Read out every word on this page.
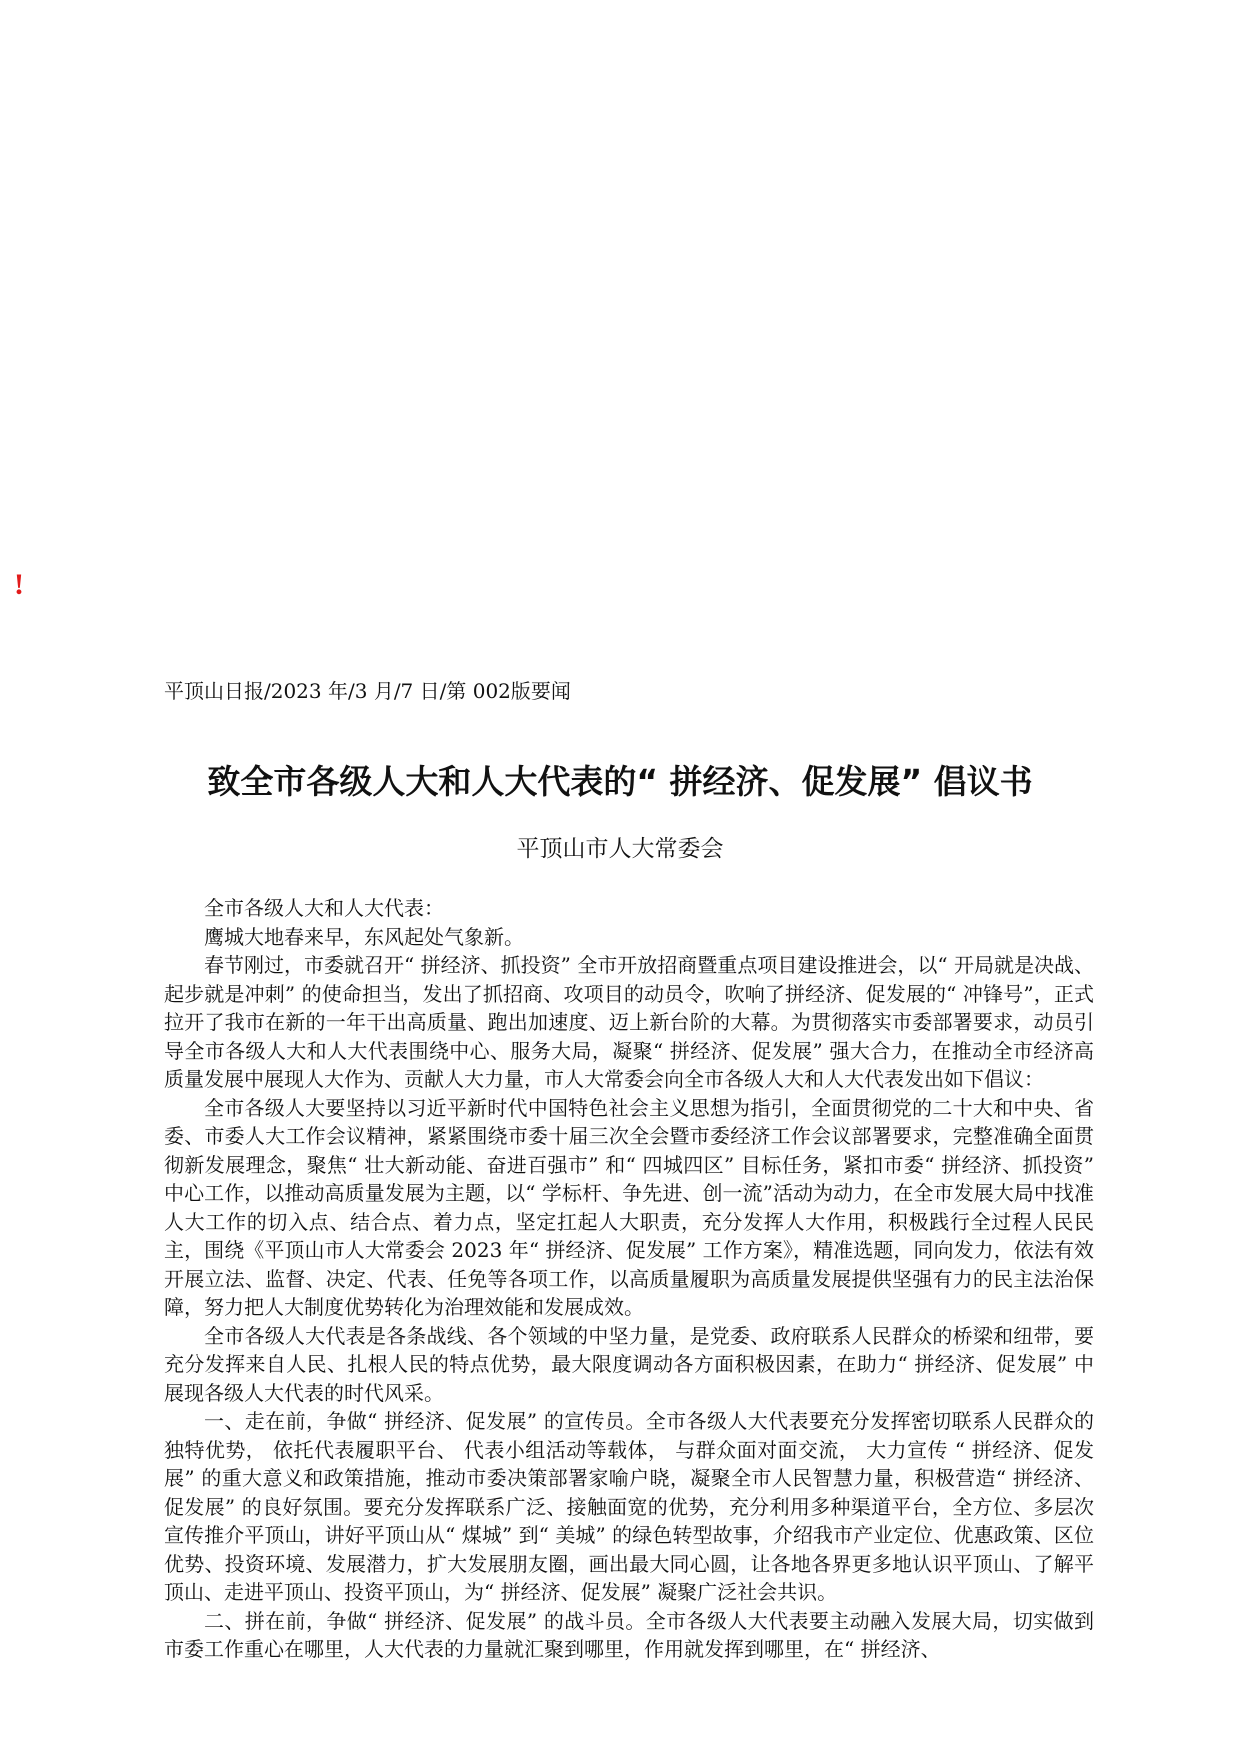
!
平顶山日报/2023 年/3 月/7 日/第 002版要闻
致全市各级人大和人大代表的“ 拼经济、促发展” 倡议书
平顶山市人大常委会

全市各级人大和人大代表：

鹰城大地春来早，东风起处气象新。

春节刚过，市委就召开“ 拼经济、抓投资” 全市开放招商暨重点项目建设推进会，以“ 开局就是决战、起步就是冲刺” 的使命担当，发出了抓招商、攻项目的动员令，吹响了拼经济、促发展的“ 冲锋号”，正式拉开了我市在新的一年干出高质量、跑出加速度、迈上新台阶的大幕。为贯彻落实市委部署要求，动员引导全市各级人大和人大代表围绕中心、服务大局，凝聚“ 拼经济、促发展” 强大合力，在推动全市经济高质量发展中展现人大作为、贡献人大力量，市人大常委会向全市各级人大和人大代表发出如下倡议：

全市各级人大要坚持以习近平新时代中国特色社会主义思想为指引，全面贯彻党的二十大和中央、省委、市委人大工作会议精神，紧紧围绕市委十届三次全会暨市委经济工作会议部署要求，完整准确全面贯彻新发展理念，聚焦“ 壮大新动能、奋进百强市” 和“ 四城四区” 目标任务，紧扣市委“ 拼经济、抓投资” 中心工作，以推动高质量发展为主题，以“ 学标杆、争先进、创一流”活动为动力，在全市发展大局中找准人大工作的切入点、结合点、着力点，坚定扛起人大职责，充分发挥人大作用，积极践行全过程人民民主，围绕《平顶山市人大常委会 2023 年“ 拼经济、促发展” 工作方案》，精准选题，同向发力，依法有效开展立法、监督、决定、代表、任免等各项工作，以高质量履职为高质量发展提供坚强有力的民主法治保障，努力把人大制度优势转化为治理效能和发展成效。

全市各级人大代表是各条战线、各个领域的中坚力量，是党委、政府联系人民群众的桥梁和纽带，要充分发挥来自人民、扎根人民的特点优势，最大限度调动各方面积极因素，在助力“ 拼经济、促发展” 中展现各级人大代表的时代风采。

一、走在前，争做“ 拼经济、促发展” 的宣传员。全市各级人大代表要充分发挥密切联系人民群众的独特优势， 依托代表履职平台、 代表小组活动等载体， 与群众面对面交流， 大力宣传 “ 拼经济、促发展” 的重大意义和政策措施，推动市委决策部署家喻户晓，凝聚全市人民智慧力量，积极营造“ 拼经济、促发展” 的良好氛围。要充分发挥联系广泛、接触面宽的优势，充分利用多种渠道平台，全方位、多层次宣传推介平顶山，讲好平顶山从“ 煤城” 到“ 美城” 的绿色转型故事，介绍我市产业定位、优惠政策、区位优势、投资环境、发展潜力，扩大发展朋友圈，画出最大同心圆，让各地各界更多地认识平顶山、了解平顶山、走进平顶山、投资平顶山，为“ 拼经济、促发展” 凝聚广泛社会共识。

二、拼在前，争做“ 拼经济、促发展” 的战斗员。全市各级人大代表要主动融入发展大局，切实做到市委工作重心在哪里，人大代表的力量就汇聚到哪里，作用就发挥到哪里，在“ 拼经济、
